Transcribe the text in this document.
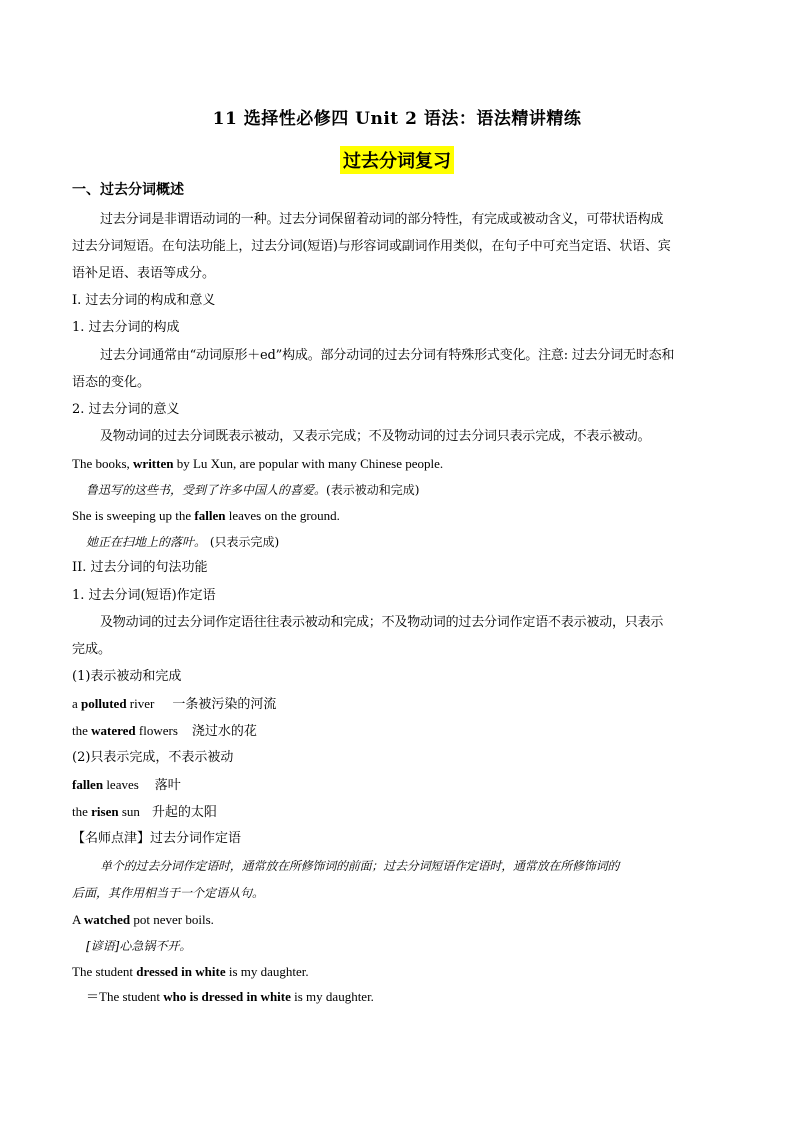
11 选择性必修四 Unit 2 语法：语法精讲精练
过去分词复习
一、过去分词概述
过去分词是非谓语动词的一种。过去分词保留着动词的部分特性，有完成或被动含义，可带状语构成
过去分词短语。在句法功能上，过去分词(短语)与形容词或副词作用类似，在句子中可充当定语、状语、宾
语补足语、表语等成分。
I. 过去分词的构成和意义
1. 过去分词的构成
过去分词通常由“动词原形＋ed”构成。部分动词的过去分词有特殊形式变化。注意: 过去分词无时态和
语态的变化。
2. 过去分词的意义
及物动词的过去分词既表示被动，又表示完成；不及物动词的过去分词只表示完成，不表示被动。
The books, written by Lu Xun, are popular with many Chinese people.
鲁迅写的这些书，受到了许多中国人的喜爱。(表示被动和完成)
She is sweeping up the fallen leaves on the ground.
她正在扫地上的落叶。 (只表示完成)
II. 过去分词的句法功能
1. 过去分词(短语)作定语
及物动词的过去分词作定语往往表示被动和完成；不及物动词的过去分词作定语不表示被动，只表示
完成。
(1)表示被动和完成
a polluted river 一条被污染的河流
the watered flowers 浇过水的花
(2)只表示完成，不表示被动
fallen leaves 落叶
the risen sun 升起的太阳
【名师点津】过去分词作定语
单个的过去分词作定语时，通常放在所修饰词的前面；过去分词短语作定语时，通常放在所修饰词的
后面，其作用相当于一个定语从句。
A watched pot never boils.
[谚语]心急锅不开。
The student dressed in white is my daughter.
＝The student who is dressed in white is my daughter.
